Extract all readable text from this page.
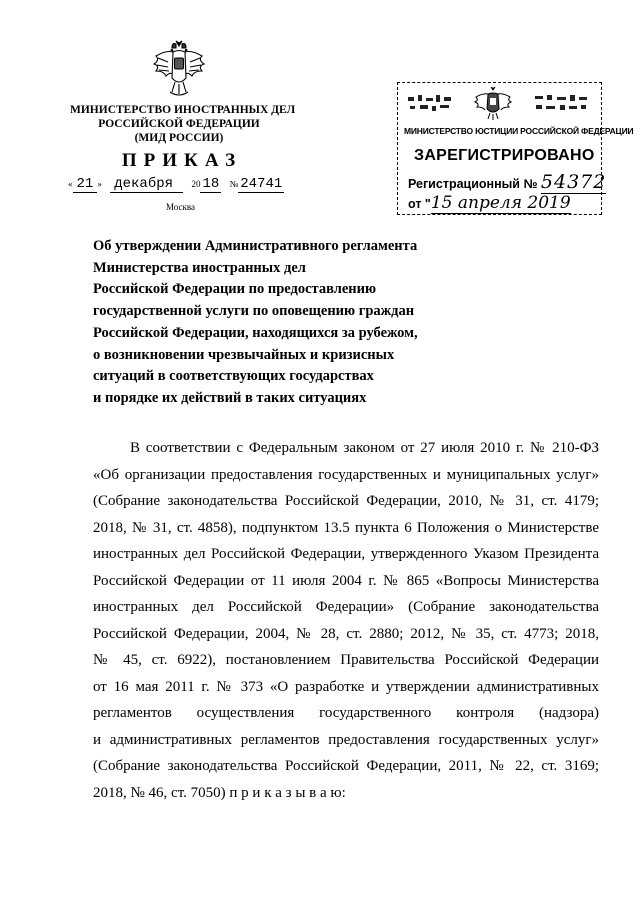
МИНИСТЕРСТВО ИНОСТРАННЫХ ДЕЛ
РОССИЙСКОЙ ФЕДЕРАЦИИ
(МИД РОССИИ)
ПРИКАЗ
« 21 » декабря 20 18 № 24741
Москва
МИНИСТЕРСТВО ЮСТИЦИИ РОССИЙСКОЙ ФЕДЕРАЦИИ
ЗАРЕГИСТРИРОВАНО
Регистрационный № 54372
от "15 апреля 2019
Об утверждении Административного регламента
Министерства иностранных дел
Российской Федерации по предоставлению
государственной услуги по оповещению граждан
Российской Федерации, находящихся за рубежом,
о возникновении чрезвычайных и кризисных
ситуаций в соответствующих государствах
и порядке их действий в таких ситуациях
В соответствии с Федеральным законом от 27 июля 2010 г. № 210-ФЗ
«Об организации предоставления государственных и муниципальных услуг»
(Собрание законодательства Российской Федерации, 2010, № 31, ст. 4179;
2018, № 31, ст. 4858), подпунктом 13.5 пункта 6 Положения о Министерстве
иностранных дел Российской Федерации, утвержденного Указом Президента
Российской Федерации от 11 июля 2004 г. № 865 «Вопросы Министерства
иностранных дел Российской Федерации» (Собрание законодательства
Российской Федерации, 2004, № 28, ст. 2880; 2012, № 35, ст. 4773; 2018,
№ 45, ст. 6922), постановлением Правительства Российской Федерации
от 16 мая 2011 г. № 373 «О разработке и утверждении административных
регламентов осуществления государственного контроля (надзора)
и административных регламентов предоставления государственных услуг»
(Собрание законодательства Российской Федерации, 2011, № 22, ст. 3169;
2018, № 46, ст. 7050) п р и к а з ы в а ю:
